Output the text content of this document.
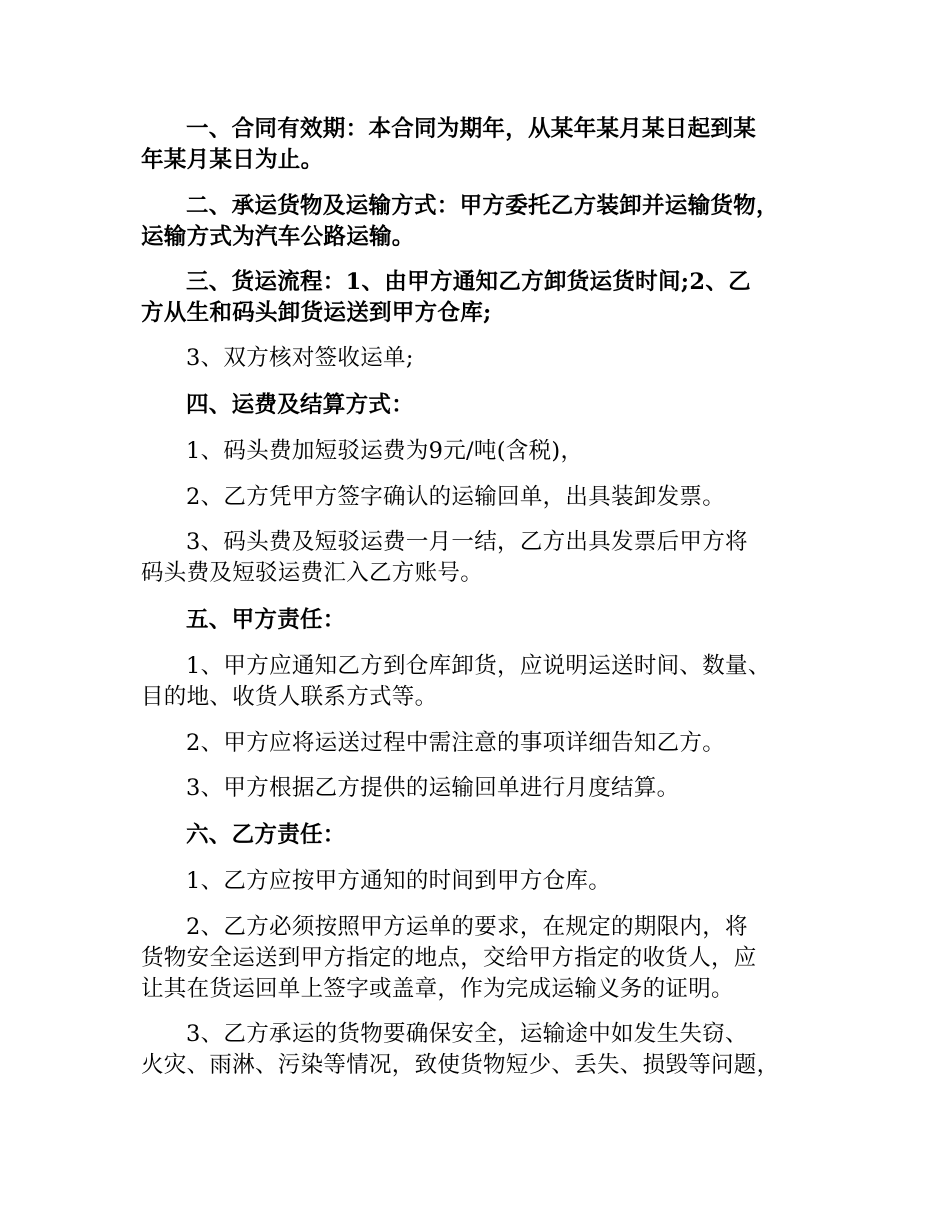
一、合同有效期：本合同为期年，从某年某月某日起到某
年某月某日为止。

二、承运货物及运输方式：甲方委托乙方装卸并运输货物，
运输方式为汽车公路运输。

三、货运流程：1、由甲方通知乙方卸货运货时间;2、乙
方从生和码头卸货运送到甲方仓库;

3、双方核对签收运单;

四、运费及结算方式：

1、码头费加短驳运费为9元/吨(含税)，

2、乙方凭甲方签字确认的运输回单，出具装卸发票。

3、码头费及短驳运费一月一结，乙方出具发票后甲方将
码头费及短驳运费汇入乙方账号。

五、甲方责任：

1、甲方应通知乙方到仓库卸货，应说明运送时间、数量、
目的地、收货人联系方式等。

2、甲方应将运送过程中需注意的事项详细告知乙方。

3、甲方根据乙方提供的运输回单进行月度结算。

六、乙方责任：

1、乙方应按甲方通知的时间到甲方仓库。

2、乙方必须按照甲方运单的要求，在规定的期限内，将
货物安全运送到甲方指定的地点，交给甲方指定的收货人，应
让其在货运回单上签字或盖章，作为完成运输义务的证明。

3、乙方承运的货物要确保安全，运输途中如发生失窃、
火灾、雨淋、污染等情况，致使货物短少、丢失、损毁等问题，
